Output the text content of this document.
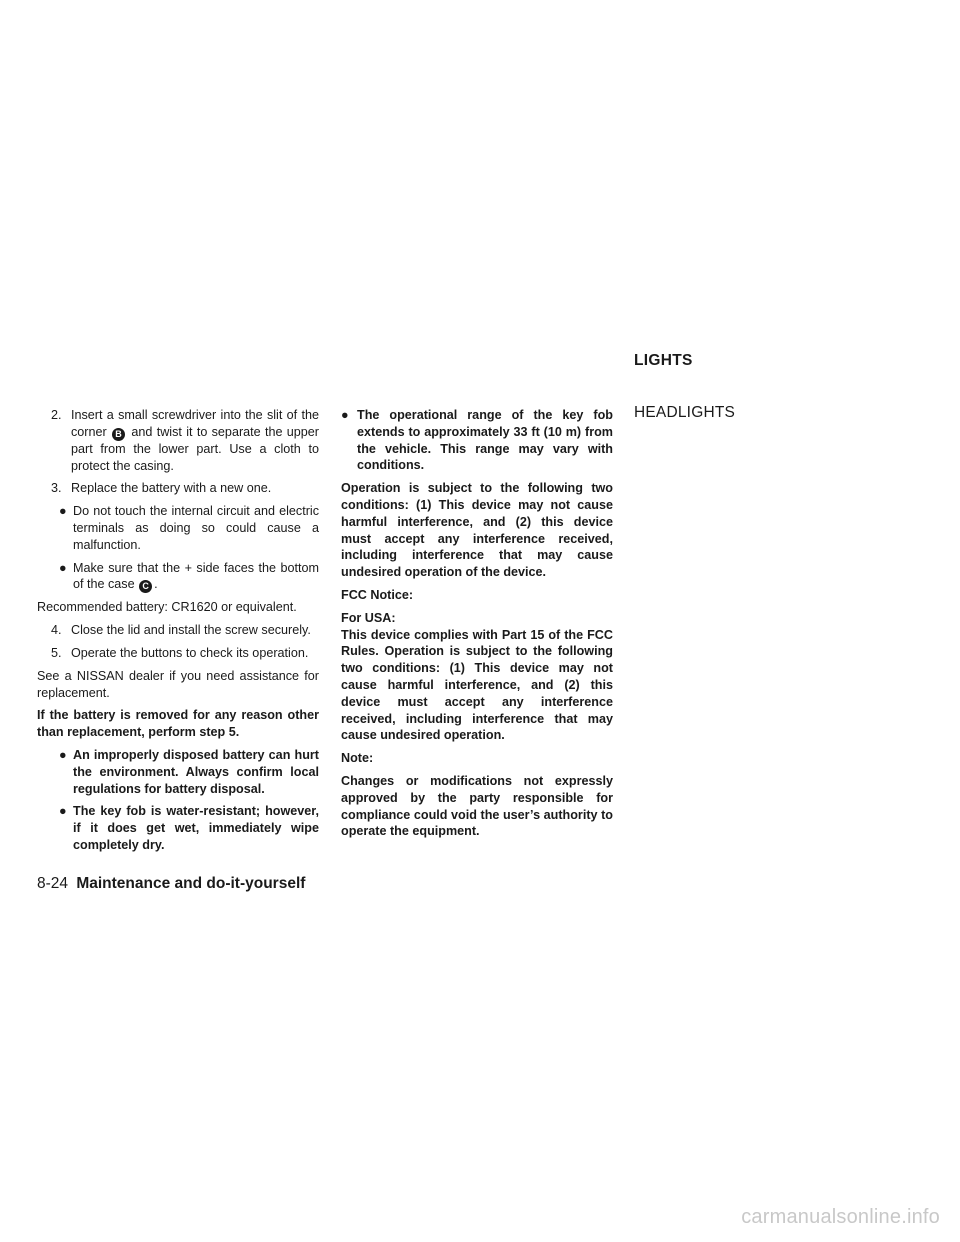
2. Insert a small screwdriver into the slit of the corner B and twist it to separate the upper part from the lower part. Use a cloth to protect the casing.

3. Replace the battery with a new one.

● Do not touch the internal circuit and electric terminals as doing so could cause a malfunction.

● Make sure that the + side faces the bottom of the case C .

Recommended battery: CR1620 or equivalent.

4. Close the lid and install the screw securely.

5. Operate the buttons to check its operation.

See a NISSAN dealer if you need assistance for replacement.

If the battery is removed for any reason other than replacement, perform step 5.

● An improperly disposed battery can hurt the environment. Always confirm local regulations for battery disposal.

● The key fob is water-resistant; however, if it does get wet, immediately wipe completely dry.

● The operational range of the key fob extends to approximately 33 ft (10 m) from the vehicle. This range may vary with conditions.

Operation is subject to the following two conditions: (1) This device may not cause harmful interference, and (2) this device must accept any interference received, including interference that may cause undesired operation of the device.

FCC Notice:

For USA:
This device complies with Part 15 of the FCC Rules. Operation is subject to the following two conditions: (1) This device may not cause harmful interference, and (2) this device must accept any interference received, including interference that may cause undesired operation.

Note:

Changes or modifications not expressly approved by the party responsible for compliance could void the user’s authority to operate the equipment.

LIGHTS
HEADLIGHTS
8-24 Maintenance and do-it-yourself
carmanualsonline.info
